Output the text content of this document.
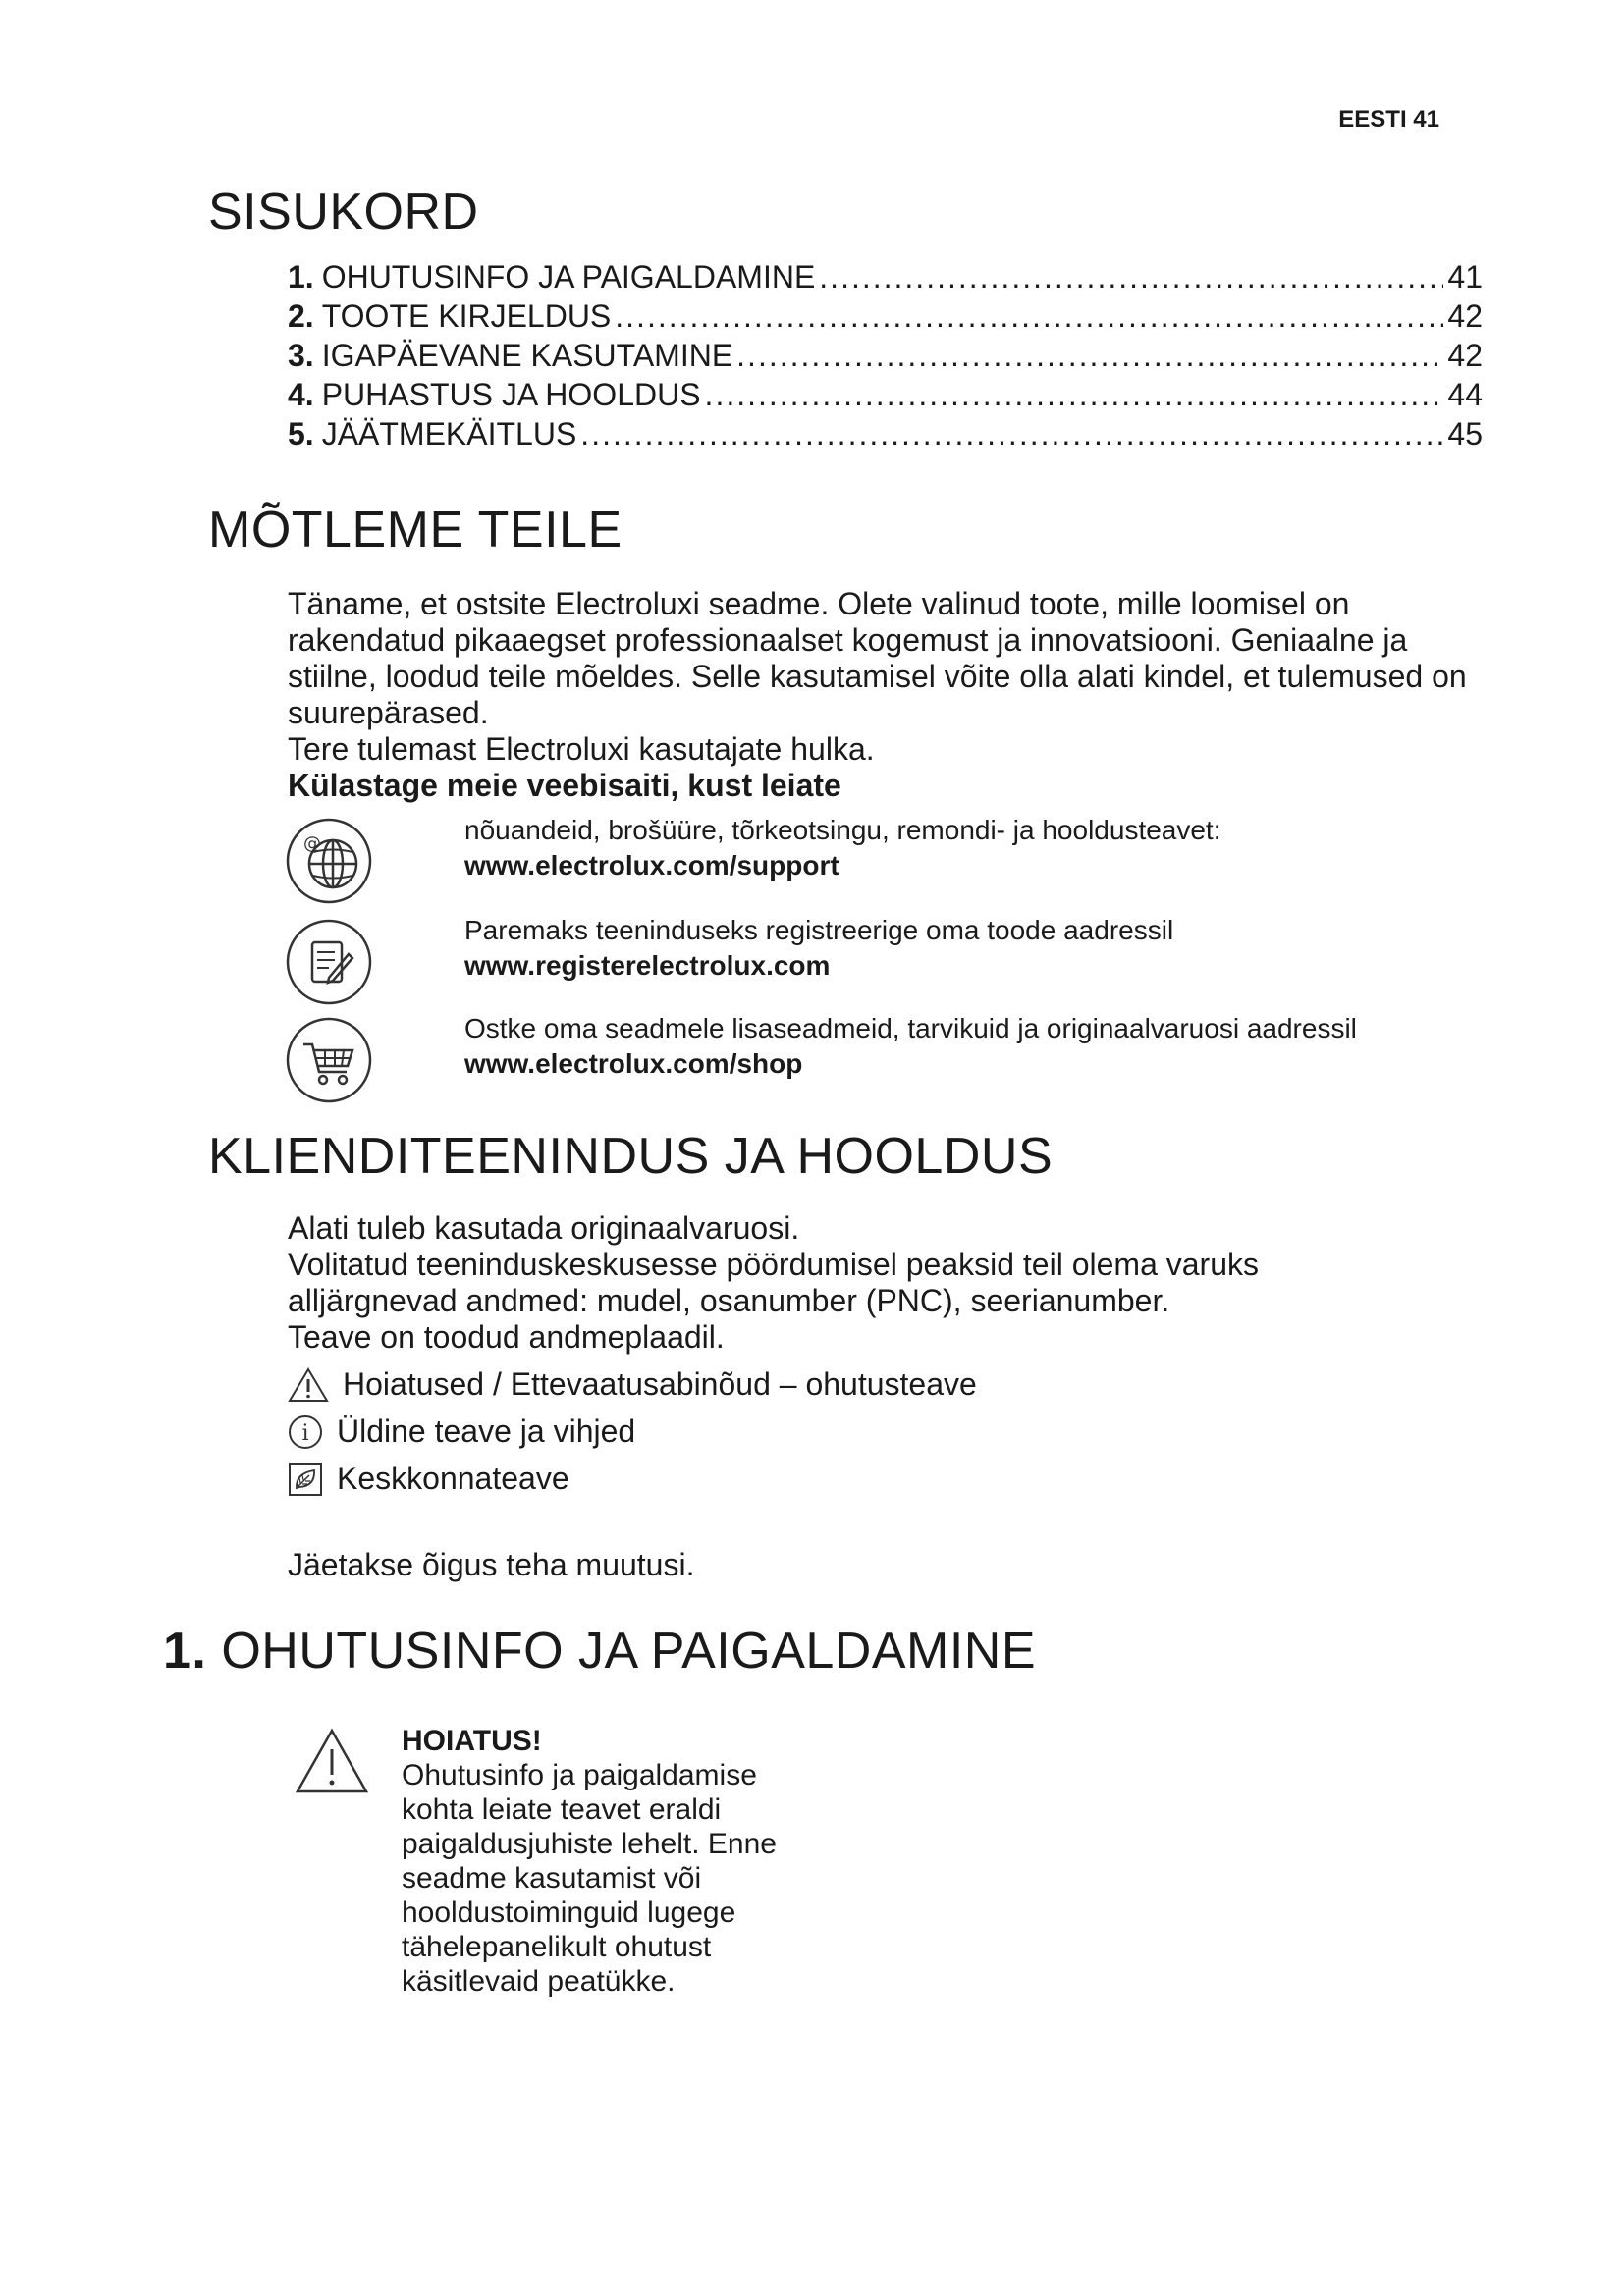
EESTI 41
SISUKORD
1. OHUTUSINFO JA PAIGALDAMINE .....	41
2. TOOTE KIRJELDUS .....	42
3. IGAPÄEVANE KASUTAMINE .....	42
4. PUHASTUS JA HOOLDUS .....	44
5. JÄÄTMEKÄITLUS .....	45
MÕTLEME TEILE

Täname, et ostsite Electroluxi seadme. Olete valinud toote, mille loomisel on rakendatud pikaaegset professionaalset kogemust ja innovatsiooni. Geniaalne ja stiilne, loodud teile mõeldes. Selle kasutamisel võite olla alati kindel, et tulemused on suurepärased.

Tere tulemast Electroluxi kasutajate hulka.

Külastage meie veebisaiti, kust leiate

@	nõuandeid, brošüüre, tõrkeotsingu, remondi- ja hooldusteavet:
www.electrolux.com/support
Paremaks teeninduseks registreerige oma toode aadressil
www.registerelectrolux.com
Ostke oma seadmele lisaseadmeid, tarvikuid ja originaalvaruosi aadressil
www.electrolux.com/shop
KLIENDITEENINDUS JA HOOLDUS

Alati tuleb kasutada originaalvaruosi.

Volitatud teeninduskeskusesse pöördumisel peaksid teil olema varuks

alljärgnevad andmed: mudel, osanumber (PNC), seerianumber.

Teave on toodud andmeplaadil.

Hoiatused / Ettevaatusabinõud – ohutusteave
i Üldine teave ja vihjed
Keskkonnateave
Jäetakse õigus teha muutusi.
1. OHUTUSINFO JA PAIGALDAMINE
HOIATUS!
Ohutusinfo ja paigaldamise
kohta leiate teavet eraldi
paigaldusjuhiste lehelt. Enne
seadme kasutamist või
hooldustoiminguid lugege
tähelepanelikult ohutust
käsitlevaid peatükke.
